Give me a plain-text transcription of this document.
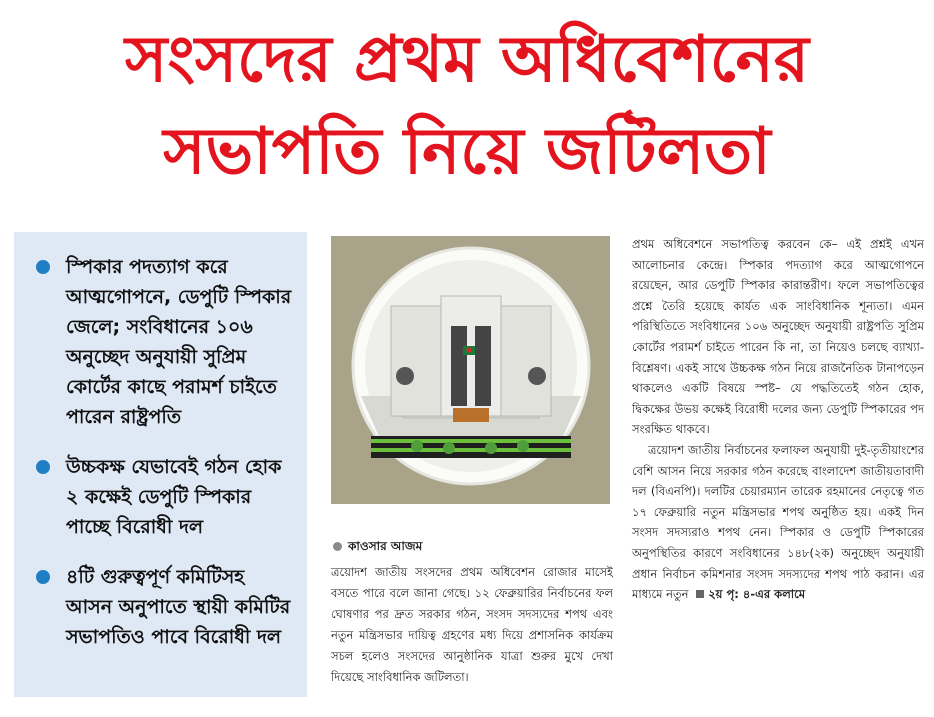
সংসদের প্রথম অধিবেশনের
সভাপতি নিয়ে জটিলতা
স্পিকার পদত্যাগ করে আত্মগোপনে, ডেপুটি স্পিকার জেলে; সংবিধানের ১০৬ অনুচ্ছেদ অনুযায়ী সুপ্রিম কোর্টের কাছে পরামর্শ চাইতে পারেন রাষ্ট্রপতি
উচ্চকক্ষ যেভাবেই গঠন হোক ২ কক্ষেই ডেপুটি স্পিকার পাচ্ছে বিরোধী দল
৪টি গুরুত্বপূর্ণ কমিটিসহ আসন অনুপাতে স্থায়ী কমিটির সভাপতিও পাবে বিরোধী দল
কাওসার আজম
ত্রয়োদশ জাতীয় সংসদের প্রথম অধিবেশন রোজার মাসেই বসতে পারে বলে জানা গেছে। ১২ ফেব্রুয়ারির নির্বাচনের ফল ঘোষণার পর দ্রুত সরকার গঠন, সংসদ সদস্যদের শপথ এবং নতুন মন্ত্রিসভার দায়িত্ব গ্রহণের মধ্য দিয়ে প্রশাসনিক কার্যক্রম সচল হলেও সংসদের আনুষ্ঠানিক যাত্রা শুরুর মুখে দেখা দিয়েছে সাংবিধানিক জটিলতা।

প্রথম অধিবেশনে সভাপতিত্ব করবেন কে– এই প্রশ্নই এখন আলোচনার কেন্দ্রে। স্পিকার পদত্যাগ করে আত্মগোপনে রয়েছেন, আর ডেপুটি স্পিকার কারান্তরীণ। ফলে সভাপতিত্বের প্রশ্নে তৈরি হয়েছে কার্যত এক সাংবিধানিক শূন্যতা। এমন পরিস্থিতিতে সংবিধানের ১০৬ অনুচ্ছেদ অনুযায়ী রাষ্ট্রপতি সুপ্রিম কোর্টের পরামর্শ চাইতে পারেন কি না, তা নিয়েও চলছে ব্যাখ্যা-বিশ্লেষণ। একই সাথে উচ্চকক্ষ গঠন নিয়ে রাজনৈতিক টানাপড়েন থাকলেও একটি বিষয়ে স্পষ্ট– যে পদ্ধতিতেই গঠন হোক, দ্বিকক্ষের উভয় কক্ষেই বিরোধী দলের জন্য ডেপুটি স্পিকারের পদ সংরক্ষিত থাকবে।

ত্রয়োদশ জাতীয় নির্বাচনের ফলাফল অনুযায়ী দুই-তৃতীয়াংশের বেশি আসন নিয়ে সরকার গঠন করেছে বাংলাদেশ জাতীয়তাবাদী দল (বিএনপি)। দলটির চেয়ারম্যান তারেক রহমানের নেতৃত্বে গত ১৭ ফেব্রুয়ারি নতুন মন্ত্রিসভার শপথ অনুষ্ঠিত হয়। একই দিন সংসদ সদস্যরাও শপথ নেন। স্পিকার ও ডেপুটি স্পিকারের অনুপস্থিতির কারণে সংবিধানের ১৪৮(২ক) অনুচ্ছেদ অনুযায়ী প্রধান নির্বাচন কমিশনার সংসদ সদস্যদের শপথ পাঠ করান। এর মাধ্যমে নতুন ২য় পৃ: ৪-এর কলামে
